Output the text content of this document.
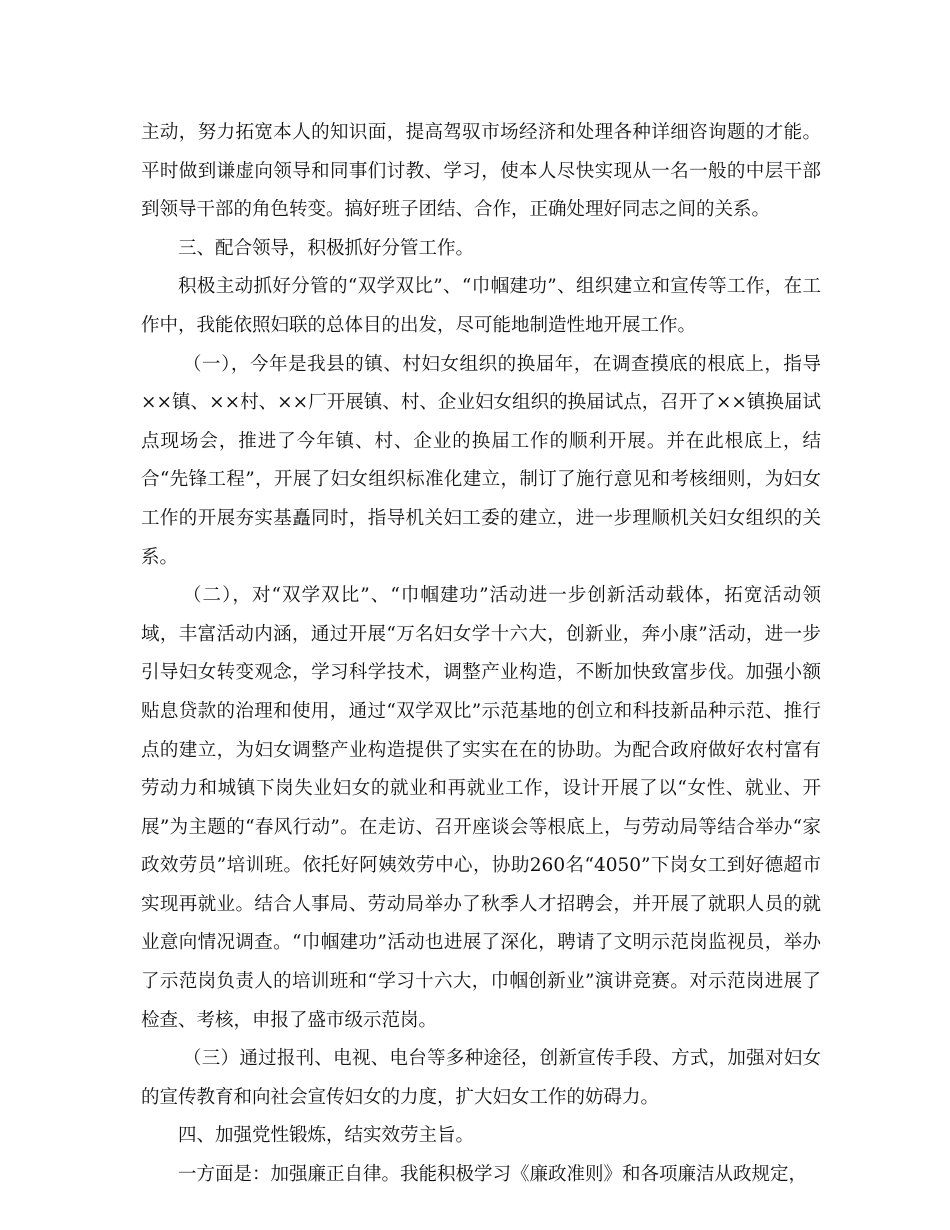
主动，努力拓宽本人的知识面，提高驾驭市场经济和处理各种详细咨询题的才能。平时做到谦虚向领导和同事们讨教、学习，使本人尽快实现从一名一般的中层干部到领导干部的角色转变。搞好班子团结、合作，正确处理好同志之间的关系。

三、配合领导，积极抓好分管工作。

积极主动抓好分管的“双学双比”、“巾帼建功”、组织建立和宣传等工作，在工作中，我能依照妇联的总体目的出发，尽可能地制造性地开展工作。

（一），今年是我县的镇、村妇女组织的换届年，在调查摸底的根底上，指导××镇、××村、××厂开展镇、村、企业妇女组织的换届试点，召开了××镇换届试点现场会，推进了今年镇、村、企业的换届工作的顺利开展。并在此根底上，结合“先锋工程”，开展了妇女组织标准化建立，制订了施行意见和考核细则，为妇女工作的开展夯实基矗同时，指导机关妇工委的建立，进一步理顺机关妇女组织的关系。

（二），对“双学双比”、“巾帼建功”活动进一步创新活动载体，拓宽活动领域，丰富活动内涵，通过开展“万名妇女学十六大，创新业，奔小康”活动，进一步引导妇女转变观念，学习科学技术，调整产业构造，不断加快致富步伐。加强小额贴息贷款的治理和使用，通过“双学双比”示范基地的创立和科技新品种示范、推行点的建立，为妇女调整产业构造提供了实实在在的协助。为配合政府做好农村富有劳动力和城镇下岗失业妇女的就业和再就业工作，设计开展了以“女性、就业、开展”为主题的“春风行动”。在走访、召开座谈会等根底上，与劳动局等结合举办“家政效劳员”培训班。依托好阿姨效劳中心，协助260名“4050”下岗女工到好德超市实现再就业。结合人事局、劳动局举办了秋季人才招聘会，并开展了就职人员的就业意向情况调查。“巾帼建功”活动也进展了深化，聘请了文明示范岗监视员，举办了示范岗负责人的培训班和“学习十六大，巾帼创新业”演讲竞赛。对示范岗进展了检查、考核，申报了盛市级示范岗。

（三）通过报刊、电视、电台等多种途径，创新宣传手段、方式，加强对妇女的宣传教育和向社会宣传妇女的力度，扩大妇女工作的妨碍力。

四、加强党性锻炼，结实效劳主旨。

一方面是：加强廉正自律。我能积极学习《廉政准则》和各项廉洁从政规定，
